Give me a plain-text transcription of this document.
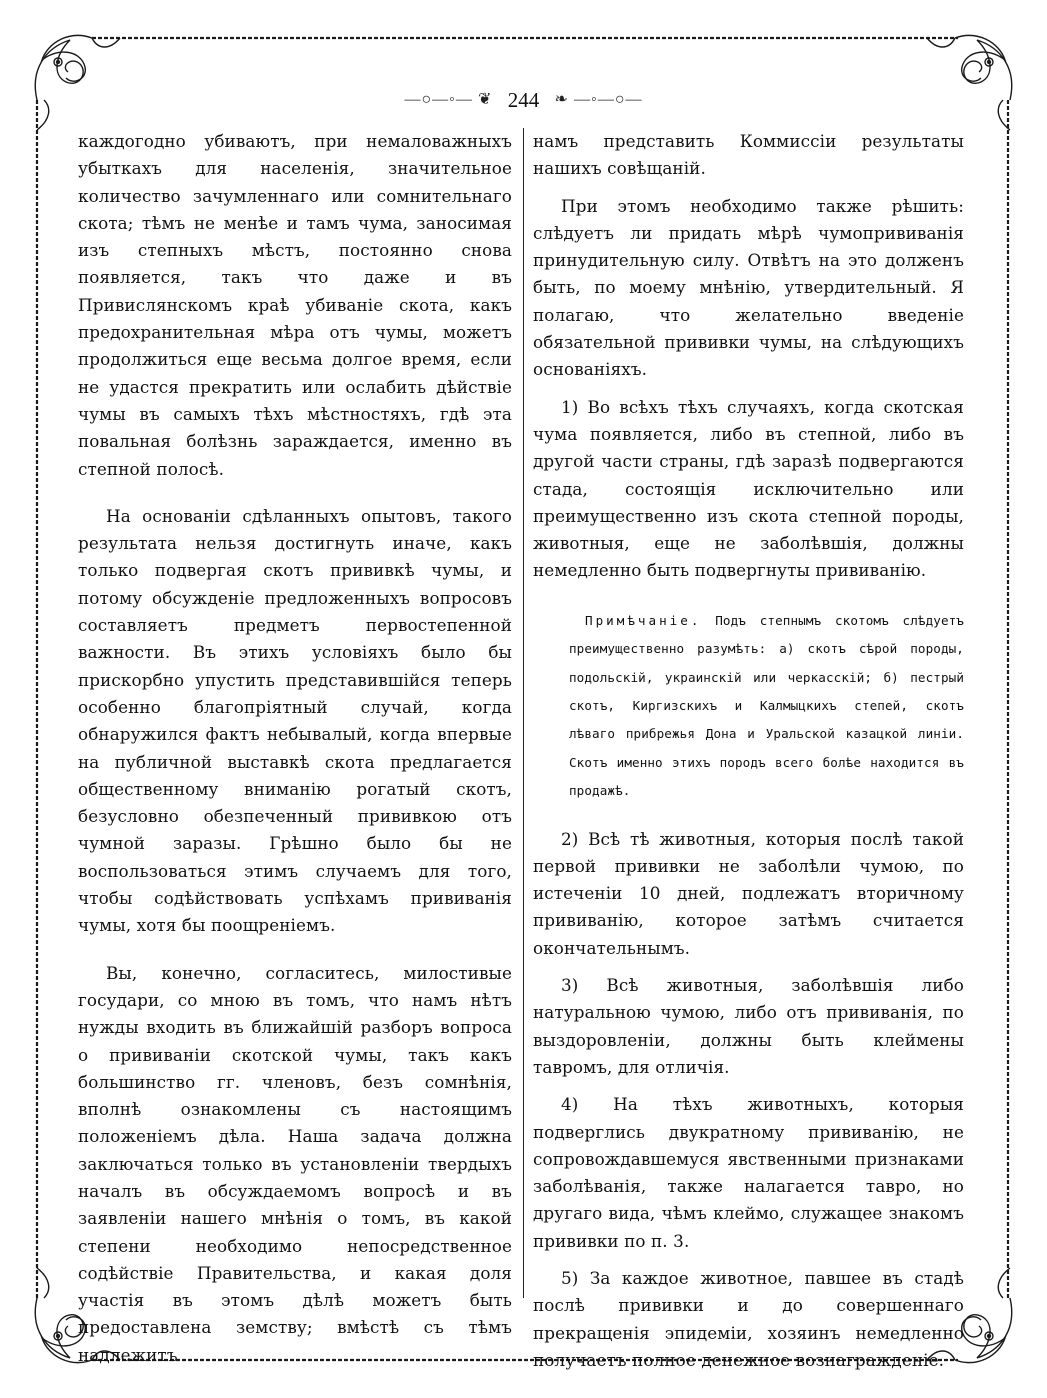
—○—◦— ❦ 244 ❧ —◦—○—

каждогодно убиваютъ, при немаловажныхъ убыткахъ для населенія, значительное количество зачумленнаго или сомнительнаго скота; тѣмъ не менѣе и тамъ чума, заносимая изъ степныхъ мѣстъ, постоянно снова появляется, такъ что даже и въ Привислянскомъ краѣ убиваніе скота, какъ предохранительная мѣра отъ чумы, можетъ продолжиться еще весьма долгое время, если не удастся прекратить или ослабить дѣйствіе чумы въ самыхъ тѣхъ мѣстностяхъ, гдѣ эта повальная болѣзнь зараждается, именно въ степной полосѣ.

На основаніи сдѣланныхъ опытовъ, такого результата нельзя достигнуть иначе, какъ только подвергая скотъ прививкѣ чумы, и потому обсужденіе предложенныхъ вопросовъ составляетъ предметъ первостепенной важности. Въ этихъ условіяхъ было бы прискорбно упустить представившійся теперь особенно благопріятный случай, когда обнаружился фактъ небывалый, когда впервые на публичной выставкѣ скота предлагается общественному вниманію рогатый скотъ, безусловно обезпеченный прививкою отъ чумной заразы. Грѣшно было бы не воспользоваться этимъ случаемъ для того, чтобы содѣйствовать успѣхамъ прививанія чумы, хотя бы поощреніемъ.

Вы, конечно, согласитесь, милостивые государи, со мною въ томъ, что намъ нѣтъ нужды входить въ ближайшій разборъ вопроса о прививаніи скотской чумы, такъ какъ большинство гг. членовъ, безъ сомнѣнія, вполнѣ ознакомлены съ настоящимъ положеніемъ дѣла. Наша задача должна заключаться только въ установленіи твердыхъ началъ въ обсуждаемомъ вопросѣ и въ заявленіи нашего мнѣнія о томъ, въ какой степени необходимо непосредственное содѣйствіе Правительства, и какая доля участія въ этомъ дѣлѣ можетъ быть предоставлена земству; вмѣстѣ съ тѣмъ надлежитъ

намъ представить Коммиссіи результаты нашихъ совѣщаній.

При этомъ необходимо также рѣшить: слѣдуетъ ли придать мѣрѣ чумопрививанія принудительную силу. Отвѣтъ на это долженъ быть, по моему мнѣнію, утвердительный. Я полагаю, что желательно введеніе обязательной прививки чумы, на слѣдующихъ основаніяхъ.

1) Во всѣхъ тѣхъ случаяхъ, когда скотская чума появляется, либо въ степной, либо въ другой части страны, гдѣ заразѣ подвергаются стада, состоящія исключительно или преимущественно изъ скота степной породы, животныя, еще не заболѣвшія, должны немедленно быть подвергнуты прививанію.

Примѣчаніе. Подъ степнымъ скотомъ слѣдуетъ преимущественно разумѣть: а) скотъ сѣрой породы, подольскій, украинскій или черкасскій; б) пестрый скотъ, Киргизскихъ и Калмыцкихъ степей, скотъ лѣваго прибрежья Дона и Уральской казацкой линіи. Скотъ именно этихъ породъ всего болѣе находится въ продажѣ.

2) Всѣ тѣ животныя, которыя послѣ такой первой прививки не заболѣли чумою, по истеченіи 10 дней, подлежатъ вторичному прививанію, которое затѣмъ считается окончательнымъ.

3) Всѣ животныя, заболѣвшія либо натуральною чумою, либо отъ прививанія, по выздоровленіи, должны быть клеймены тавромъ, для отличія.

4) На тѣхъ животныхъ, которыя подверглись двукратному прививанію, не сопровождавшемуся явственными признаками заболѣванія, также налагается тавро, но другаго вида, чѣмъ клеймо, служащее знакомъ прививки по п. 3.

5) За каждое животное, павшее въ стадѣ послѣ прививки и до совершеннаго прекращенія эпидеміи, хозяинъ немедленно получаетъ полное денежное вознагражденіе.
